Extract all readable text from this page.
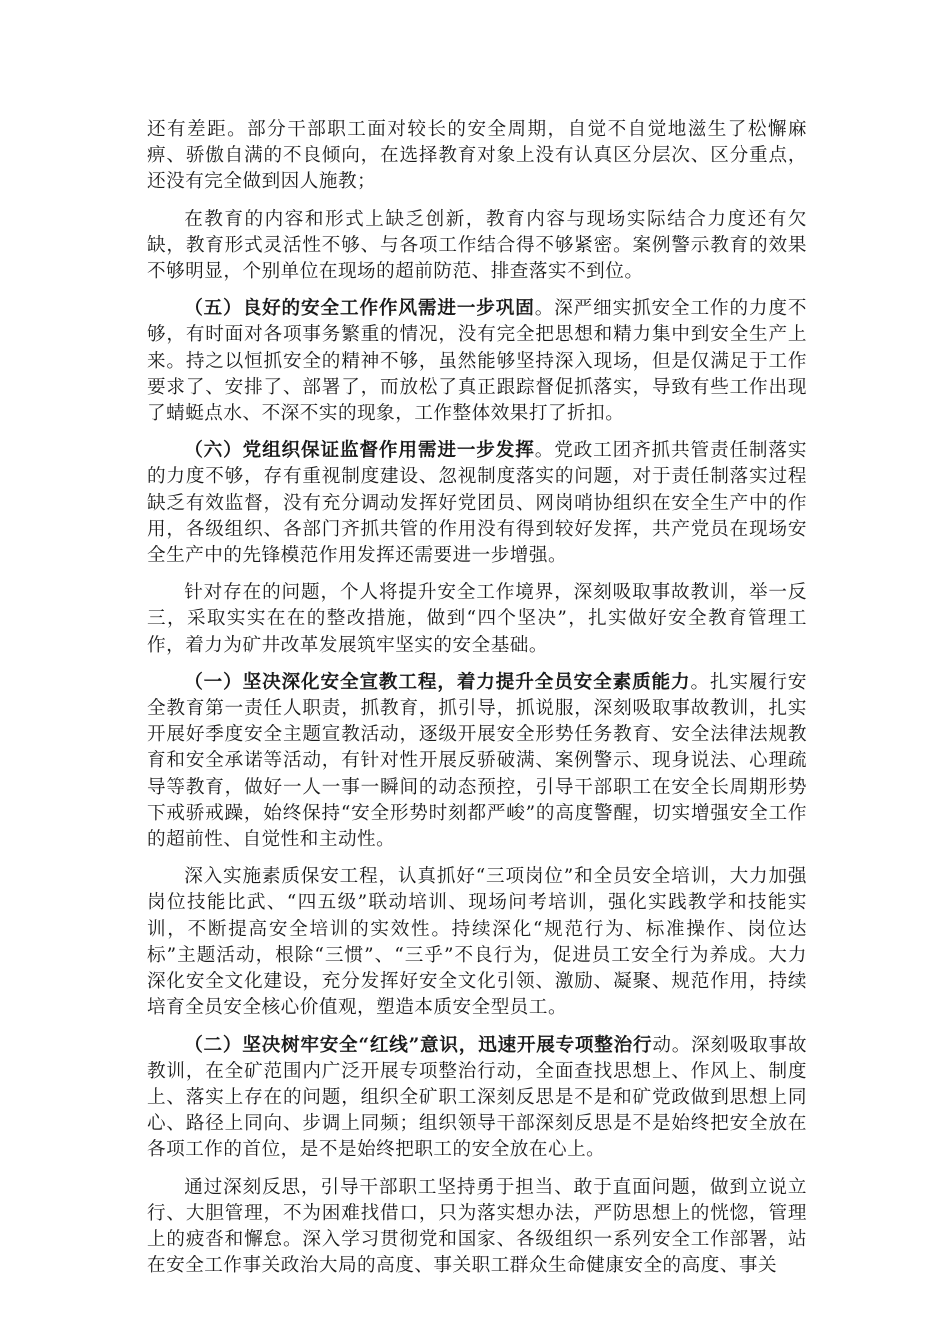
还有差距。部分干部职工面对较长的安全周期，自觉不自觉地滋生了松懈麻痹、骄傲自满的不良倾向，在选择教育对象上没有认真区分层次、区分重点，还没有完全做到因人施教；

在教育的内容和形式上缺乏创新，教育内容与现场实际结合力度还有欠缺，教育形式灵活性不够、与各项工作结合得不够紧密。案例警示教育的效果不够明显，个别单位在现场的超前防范、排查落实不到位。

（五）良好的安全工作作风需进一步巩固。深严细实抓安全工作的力度不够，有时面对各项事务繁重的情况，没有完全把思想和精力集中到安全生产上来。持之以恒抓安全的精神不够，虽然能够坚持深入现场，但是仅满足于工作要求了、安排了、部署了，而放松了真正跟踪督促抓落实，导致有些工作出现了蜻蜓点水、不深不实的现象，工作整体效果打了折扣。

（六）党组织保证监督作用需进一步发挥。党政工团齐抓共管责任制落实的力度不够，存有重视制度建设、忽视制度落实的问题，对于责任制落实过程缺乏有效监督，没有充分调动发挥好党团员、网岗哨协组织在安全生产中的作用，各级组织、各部门齐抓共管的作用没有得到较好发挥，共产党员在现场安全生产中的先锋模范作用发挥还需要进一步增强。

针对存在的问题，个人将提升安全工作境界，深刻吸取事故教训，举一反三，采取实实在在的整改措施，做到“四个坚决”，扎实做好安全教育管理工作，着力为矿井改革发展筑牢坚实的安全基础。

（一）坚决深化安全宣教工程，着力提升全员安全素质能力。扎实履行安全教育第一责任人职责，抓教育，抓引导，抓说服，深刻吸取事故教训，扎实开展好季度安全主题宣教活动，逐级开展安全形势任务教育、安全法律法规教育和安全承诺等活动，有针对性开展反骄破满、案例警示、现身说法、心理疏导等教育，做好一人一事一瞬间的动态预控，引导干部职工在安全长周期形势下戒骄戒躁，始终保持“安全形势时刻都严峻”的高度警醒，切实增强安全工作的超前性、自觉性和主动性。

深入实施素质保安工程，认真抓好“三项岗位”和全员安全培训，大力加强岗位技能比武、“四五级”联动培训、现场问考培训，强化实践教学和技能实训，不断提高安全培训的实效性。持续深化“规范行为、标准操作、岗位达标”主题活动，根除“三惯”、“三乎”不良行为，促进员工安全行为养成。大力深化安全文化建设，充分发挥好安全文化引领、激励、凝聚、规范作用，持续培育全员安全核心价值观，塑造本质安全型员工。

（二）坚决树牢安全“红线”意识，迅速开展专项整治行动。深刻吸取事故教训，在全矿范围内广泛开展专项整治行动，全面查找思想上、作风上、制度上、落实上存在的问题，组织全矿职工深刻反思是不是和矿党政做到思想上同心、路径上同向、步调上同频；组织领导干部深刻反思是不是始终把安全放在各项工作的首位，是不是始终把职工的安全放在心上。

通过深刻反思，引导干部职工坚持勇于担当、敢于直面问题，做到立说立行、大胆管理，不为困难找借口，只为落实想办法，严防思想上的恍惚，管理上的疲沓和懈怠。深入学习贯彻党和国家、各级组织一系列安全工作部署，站在安全工作事关政治大局的高度、事关职工群众生命健康安全的高度、事关
